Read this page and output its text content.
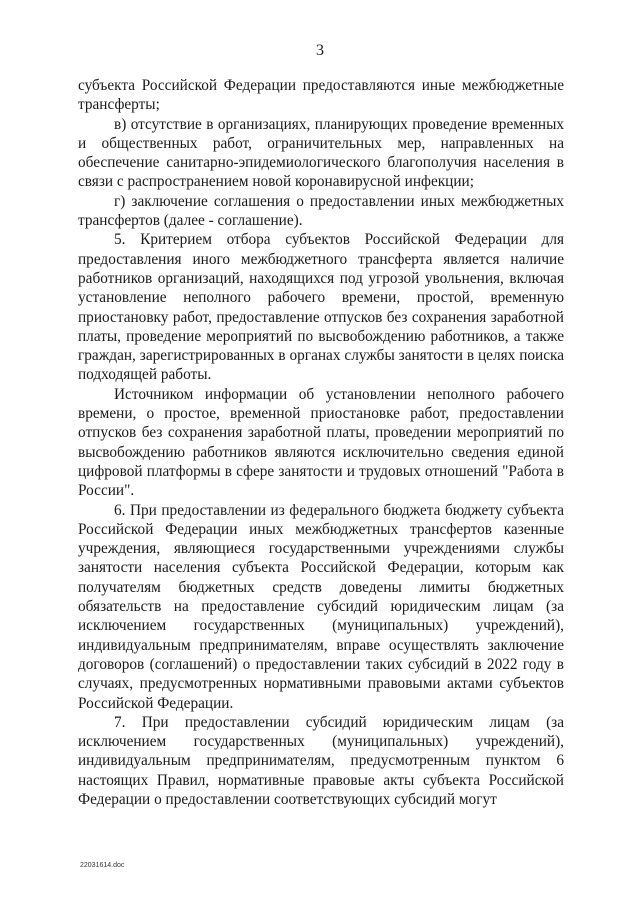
3

субъекта Российской Федерации предоставляются иные межбюджетные трансферты;

в) отсутствие в организациях, планирующих проведение временных и общественных работ, ограничительных мер, направленных на обеспечение санитарно-эпидемиологического благополучия населения в связи с распространением новой коронавирусной инфекции;

г) заключение соглашения о предоставлении иных межбюджетных трансфертов (далее - соглашение).

5. Критерием отбора субъектов Российской Федерации для предоставления иного межбюджетного трансферта является наличие работников организаций, находящихся под угрозой увольнения, включая установление неполного рабочего времени, простой, временную приостановку работ, предоставление отпусков без сохранения заработной платы, проведение мероприятий по высвобождению работников, а также граждан, зарегистрированных в органах службы занятости в целях поиска подходящей работы.

Источником информации об установлении неполного рабочего времени, о простое, временной приостановке работ, предоставлении отпусков без сохранения заработной платы, проведении мероприятий по высвобождению работников являются исключительно сведения единой цифровой платформы в сфере занятости и трудовых отношений "Работа в России".

6. При предоставлении из федерального бюджета бюджету субъекта Российской Федерации иных межбюджетных трансфертов казенные учреждения, являющиеся государственными учреждениями службы занятости населения субъекта Российской Федерации, которым как получателям бюджетных средств доведены лимиты бюджетных обязательств на предоставление субсидий юридическим лицам (за исключением государственных (муниципальных) учреждений), индивидуальным предпринимателям, вправе осуществлять заключение договоров (соглашений) о предоставлении таких субсидий в 2022 году в случаях, предусмотренных нормативными правовыми актами субъектов Российской Федерации.

7. При предоставлении субсидий юридическим лицам (за исключением государственных (муниципальных) учреждений), индивидуальным предпринимателям, предусмотренным пунктом 6 настоящих Правил, нормативные правовые акты субъекта Российской Федерации о предоставлении соответствующих субсидий могут

22031614.doc
